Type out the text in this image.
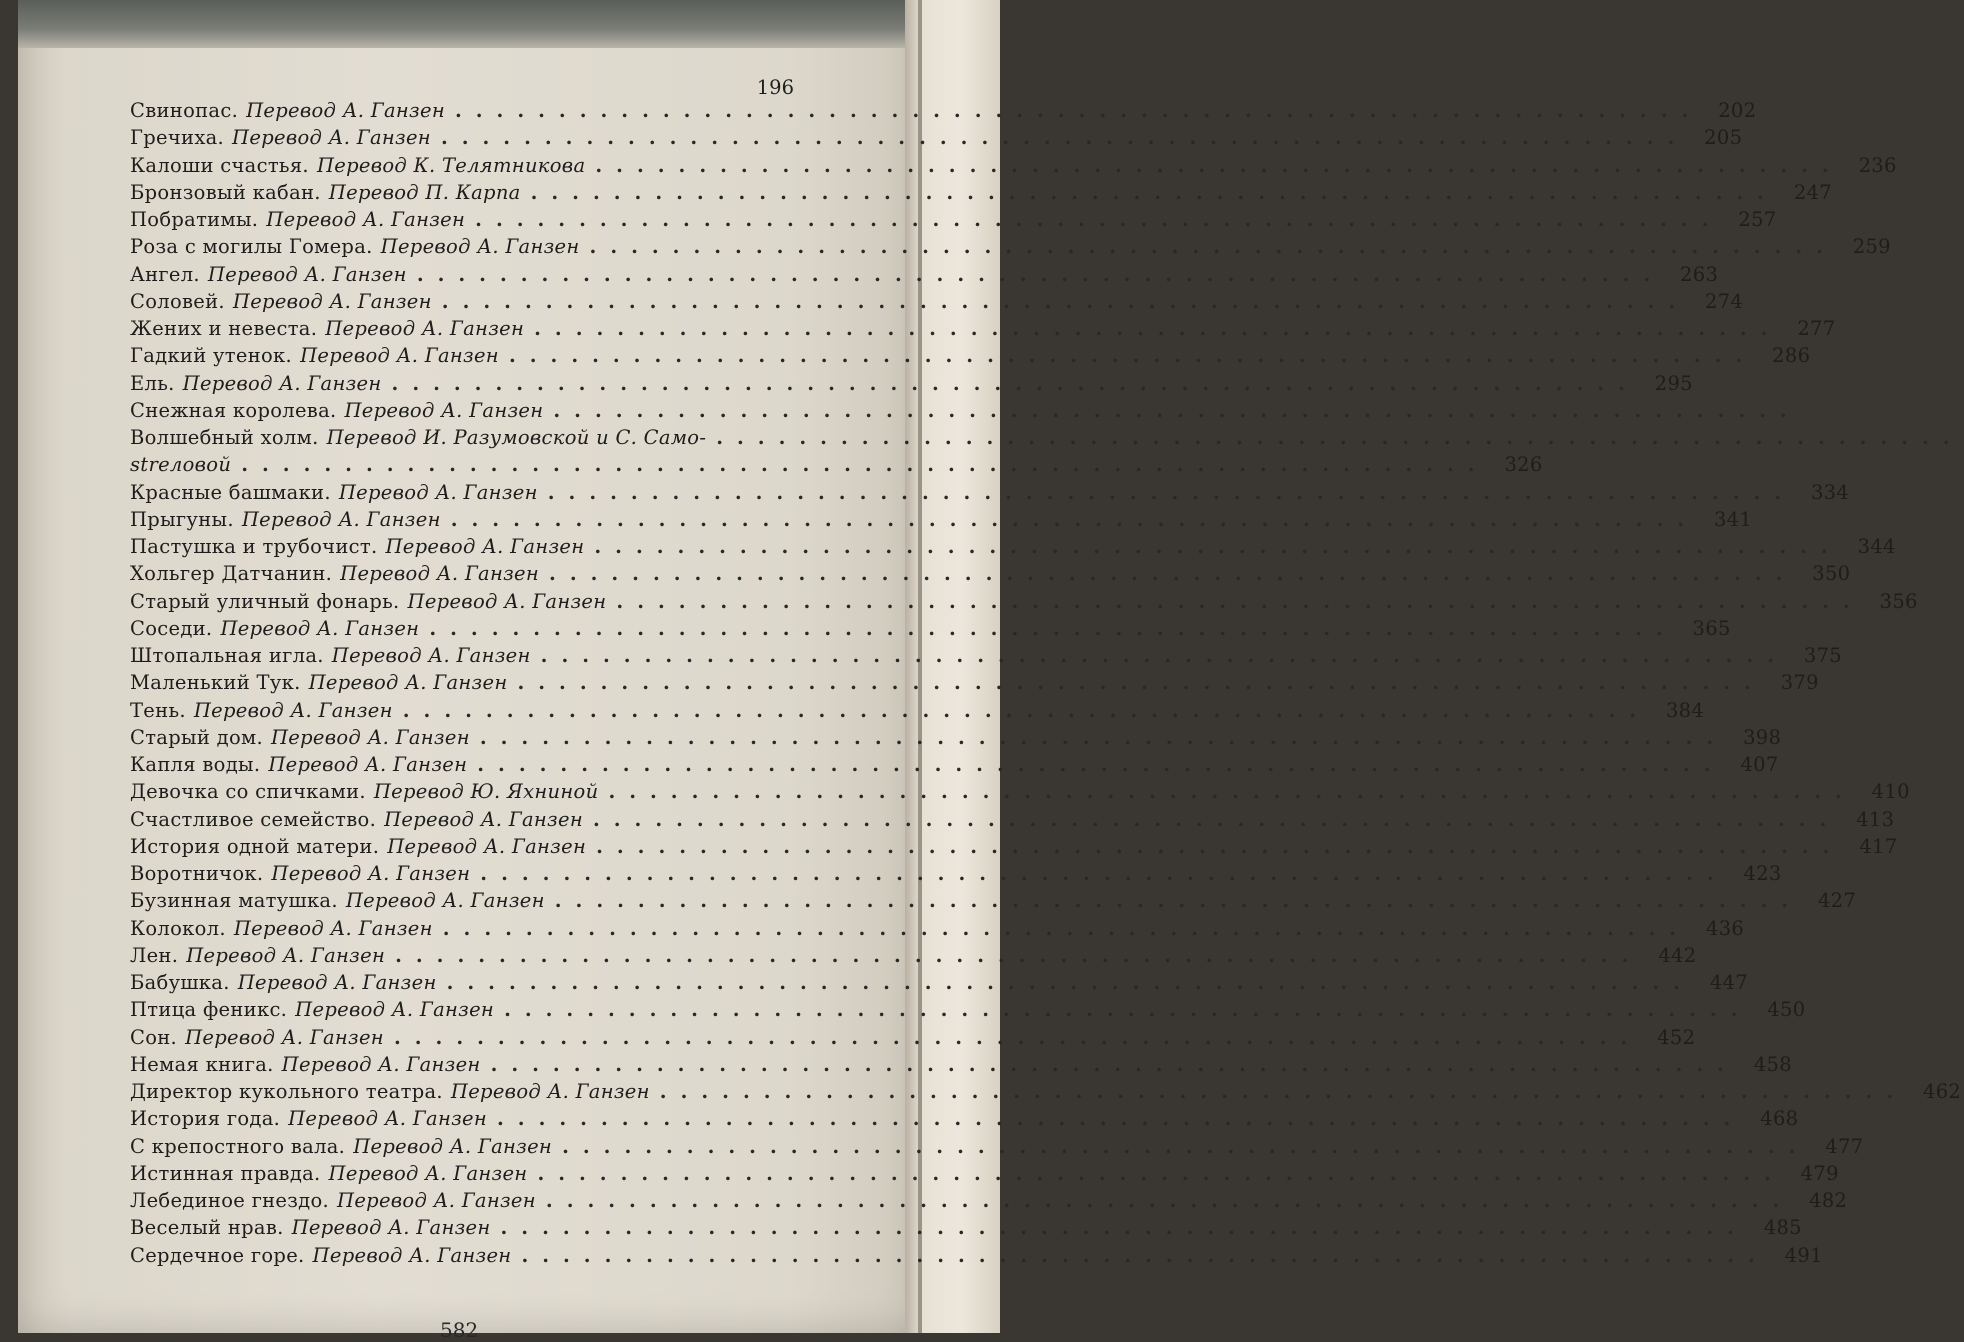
196
Свинопас. Перевод А. Ганзен ............................................................ 202
Гречиха. Перевод А. Ганзен ............................................................ 205
Калоши счастья. Перевод К. Телятникова ............................................................ 236
Бронзовый кабан. Перевод П. Карпа ............................................................ 247
Побратимы. Перевод А. Ганзен ............................................................ 257
Роза с могилы Гомера. Перевод А. Ганзен ............................................................ 259
Ангел. Перевод А. Ганзен ............................................................ 263
Соловей. Перевод А. Ганзен ............................................................ 274
Жених и невеста. Перевод А. Ганзен ............................................................ 277
Гадкий утенок. Перевод А. Ганзен ............................................................ 286
Ель. Перевод А. Ганзен ............................................................ 295
Снежная королева. Перевод А. Ганзен ............................................................
Волшебный холм. Перевод И. Разумовской и С. Само- ............................................................
streловой ............................................................ 326
Красные башмаки. Перевод А. Ганзен ............................................................ 334
Прыгуны. Перевод А. Ганзен ............................................................ 341
Пастушка и трубочист. Перевод А. Ганзен ............................................................ 344
Хольгер Датчанин. Перевод А. Ганзен ............................................................ 350
Старый уличный фонарь. Перевод А. Ганзен ............................................................ 356
Соседи. Перевод А. Ганзен ............................................................ 365
Штопальная игла. Перевод А. Ганзен ............................................................ 375
Маленький Тук. Перевод А. Ганзен ............................................................ 379
Тень. Перевод А. Ганзен ............................................................ 384
Старый дом. Перевод А. Ганзен ............................................................ 398
Капля воды. Перевод А. Ганзен ............................................................ 407
Девочка со спичками. Перевод Ю. Яхниной ............................................................ 410
Счастливое семейство. Перевод А. Ганзен ............................................................ 413
История одной матери. Перевод А. Ганзен ............................................................ 417
Воротничок. Перевод А. Ганзен ............................................................ 423
Бузинная матушка. Перевод А. Ганзен ............................................................ 427
Колокол. Перевод А. Ганзен ............................................................ 436
Лен. Перевод А. Ганзен ............................................................ 442
Бабушка. Перевод А. Ганзен ............................................................ 447
Птица феникс. Перевод А. Ганзен ............................................................ 450
Сон. Перевод А. Ганзен ............................................................ 452
Немая книга. Перевод А. Ганзен ............................................................ 458
Директор кукольного театра. Перевод А. Ганзен ............................................................ 462
История года. Перевод А. Ганзен ............................................................ 468
С крепостного вала. Перевод А. Ганзен ............................................................ 477
Истинная правда. Перевод А. Ганзен ............................................................ 479
Лебединое гнездо. Перевод А. Ганзен ............................................................ 482
Веселый нрав. Перевод А. Ганзен ............................................................ 485
Сердечное горе. Перевод А. Ганзен ............................................................ 491
582
